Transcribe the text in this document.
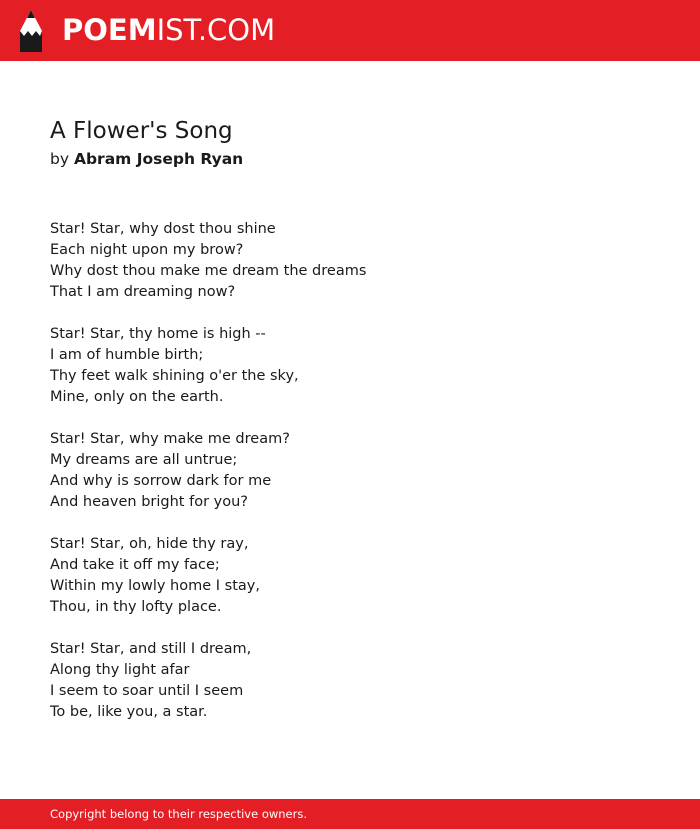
POEMIST.COM
A Flower's Song
by Abram Joseph Ryan
Star! Star, why dost thou shine
Each night upon my brow?
Why dost thou make me dream the dreams
That I am dreaming now?
Star! Star, thy home is high --
I am of humble birth;
Thy feet walk shining o'er the sky,
Mine, only on the earth.
Star! Star, why make me dream?
My dreams are all untrue;
And why is sorrow dark for me
And heaven bright for you?
Star! Star, oh, hide thy ray,
And take it off my face;
Within my lowly home I stay,
Thou, in thy lofty place.
Star! Star, and still I dream,
Along thy light afar
I seem to soar until I seem
To be, like you, a star.
Copyright belong to their respective owners.
